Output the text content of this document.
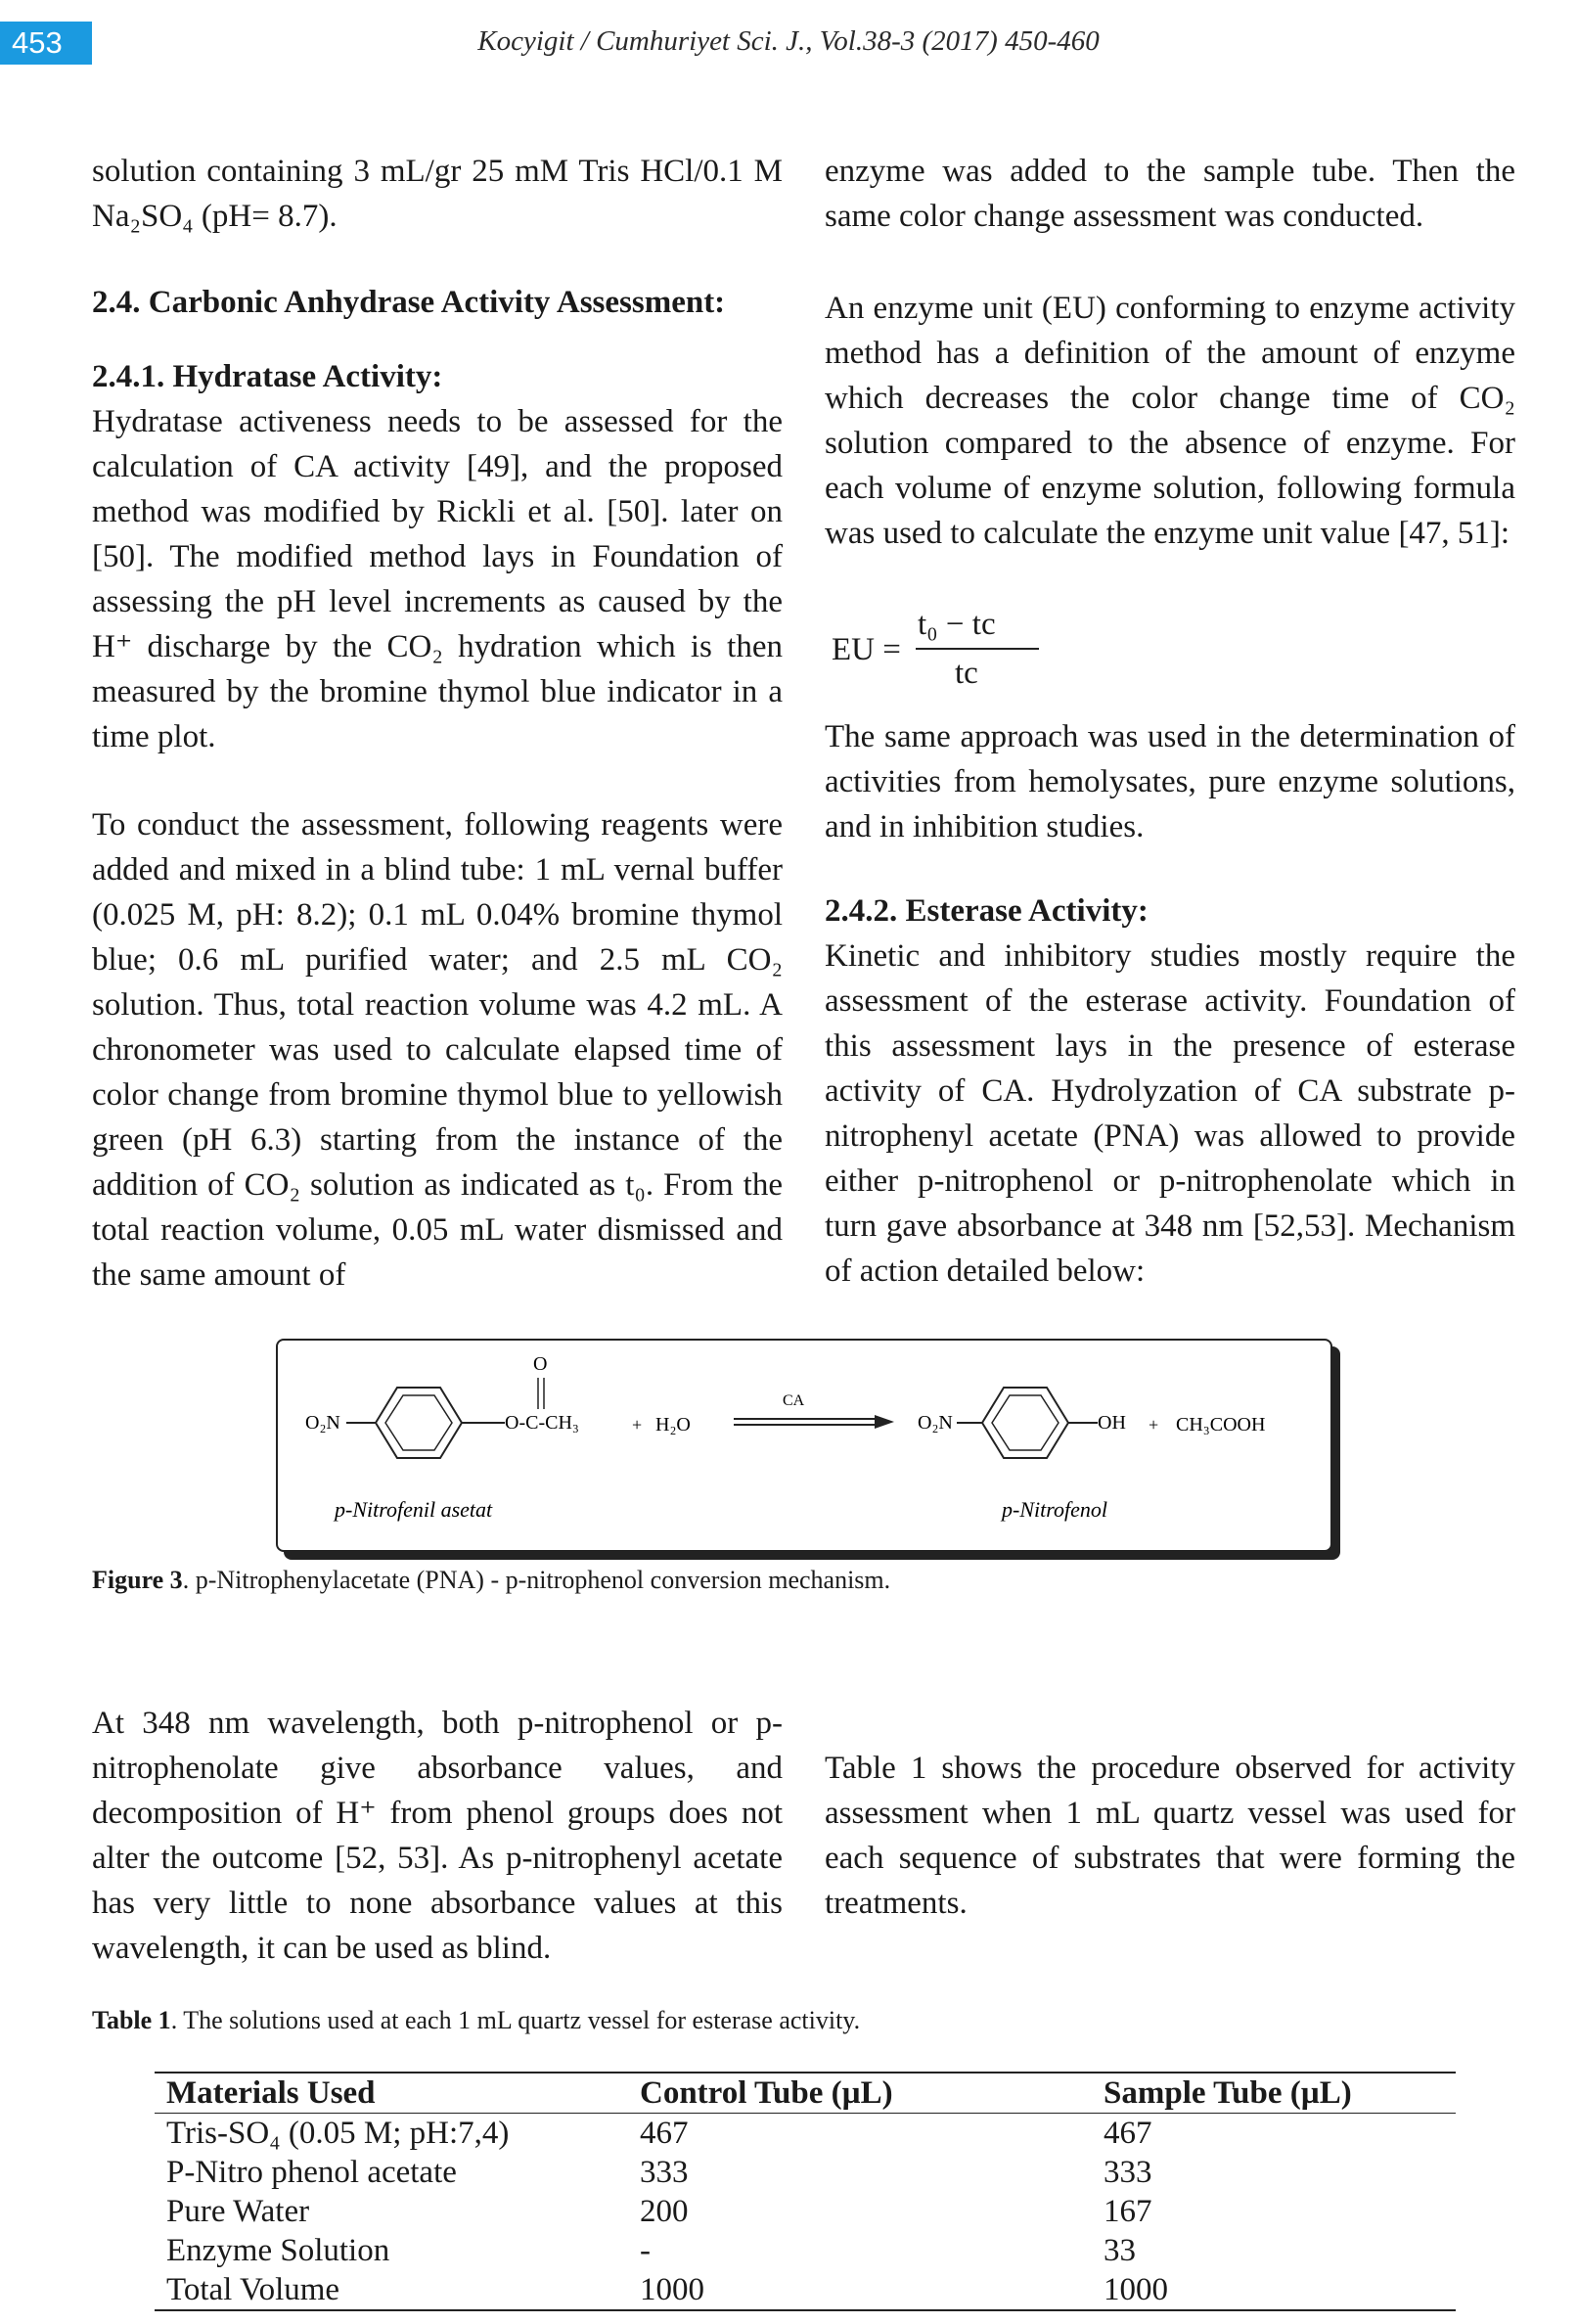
453	Kocyigit / Cumhuriyet Sci. J., Vol.38-3 (2017) 450-460

solution containing 3 mL/gr 25 mM Tris HCl/0.1 M Na₂SO₄ (pH= 8.7).

2.4. Carbonic Anhydrase Activity Assessment:
2.4.1. Hydratase Activity:

Hydratase activeness needs to be assessed for the calculation of CA activity [49], and the proposed method was modified by Rickli et al. [50]. later on [50]. The modified method lays in Foundation of assessing the pH level increments as caused by the H⁺ discharge by the CO₂ hydration which is then measured by the bromine thymol blue indicator in a time plot.

To conduct the assessment, following reagents were added and mixed in a blind tube: 1 mL vernal buffer (0.025 M, pH: 8.2); 0.1 mL 0.04% bromine thymol blue; 0.6 mL purified water; and 2.5 mL CO₂ solution. Thus, total reaction volume was 4.2 mL. A chronometer was used to calculate elapsed time of color change from bromine thymol blue to yellowish green (pH 6.3) starting from the instance of the addition of CO₂ solution as indicated as t₀. From the total reaction volume, 0.05 mL water dismissed and the same amount of

At 348 nm wavelength, both p-nitrophenol or p-nitrophenolate give absorbance values, and decomposition of H⁺ from phenol groups does not alter the outcome [52, 53]. As p-nitrophenyl acetate has very little to none absorbance values at this wavelength, it can be used as blind.

enzyme was added to the sample tube. Then the same color change assessment was conducted.

An enzyme unit (EU) conforming to enzyme activity method has a definition of the amount of enzyme which decreases the color change time of CO₂ solution compared to the absence of enzyme. For each volume of enzyme solution, following formula was used to calculate the enzyme unit value [47, 51]:

EU =
t₀ − tc
tc

The same approach was used in the determination of activities from hemolysates, pure enzyme solutions, and in inhibition studies.

2.4.2. Esterase Activity:

Kinetic and inhibitory studies mostly require the assessment of the esterase activity. Foundation of this assessment lays in the presence of esterase activity of CA. Hydrolyzation of CA substrate p-nitrophenyl acetate (PNA) was allowed to provide either p-nitrophenol or p-nitrophenolate which in turn gave absorbance at 348 nm [52,53]. Mechanism of action detailed below:

Table 1 shows the procedure observed for activity assessment when 1 mL quartz vessel was used for each sequence of substrates that were forming the treatments.

O₂N	O-C-CH₃
O
+ H₂O
CA
O₂N	OH + CH₃COOH
p-Nitrofenil asetat	p-Nitrofenol
Figure 3. p-Nitrophenylacetate (PNA) - p-nitrophenol conversion mechanism.
Table 1. The solutions used at each 1 mL quartz vessel for esterase activity.
Materials Used	Control Tube (µL)	Sample Tube (µL)
Tris-SO₄ (0.05 M; pH:7,4)	467	467
P-Nitro phenol acetate	333	333
Pure Water	200	167
Enzyme Solution	-	33
Total Volume	1000	1000
